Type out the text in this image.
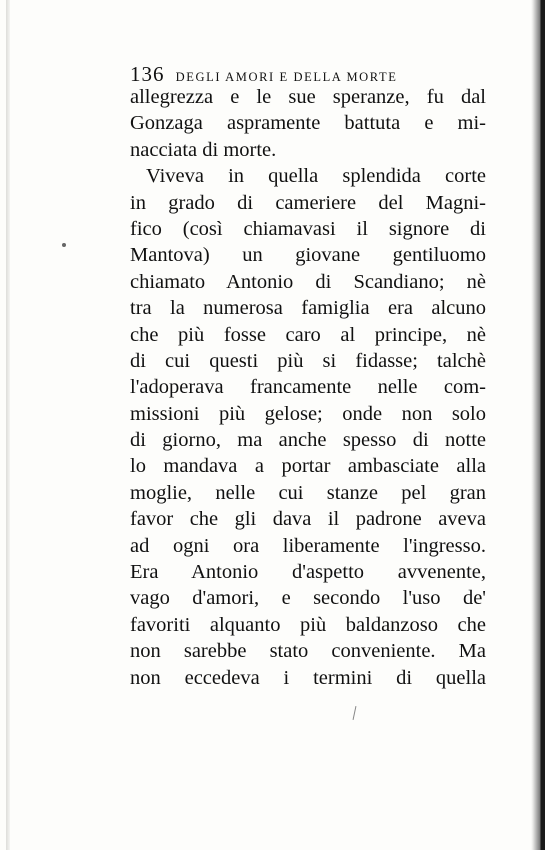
136 DEGLI AMORI E DELLA MORTE
allegrezza e le sue speranze, fu dal
Gonzaga aspramente battuta e mi-
nacciata di morte.
Viveva in quella splendida corte
in grado di cameriere del Magni-
fico (così chiamavasi il signore di
Mantova) un giovane gentiluomo
chiamato Antonio di Scandiano; nè
tra la numerosa famiglia era alcuno
che più fosse caro al principe, nè
di cui questi più si fidasse; talchè
l'adoperava francamente nelle com-
missioni più gelose; onde non solo
di giorno, ma anche spesso di notte
lo mandava a portar ambasciate alla
moglie, nelle cui stanze pel gran
favor che gli dava il padrone aveva
ad ogni ora liberamente l'ingresso.
Era Antonio d'aspetto avvenente,
vago d'amori, e secondo l'uso de'
favoriti alquanto più baldanzoso che
non sarebbe stato conveniente. Ma
non eccedeva i termini di quella
